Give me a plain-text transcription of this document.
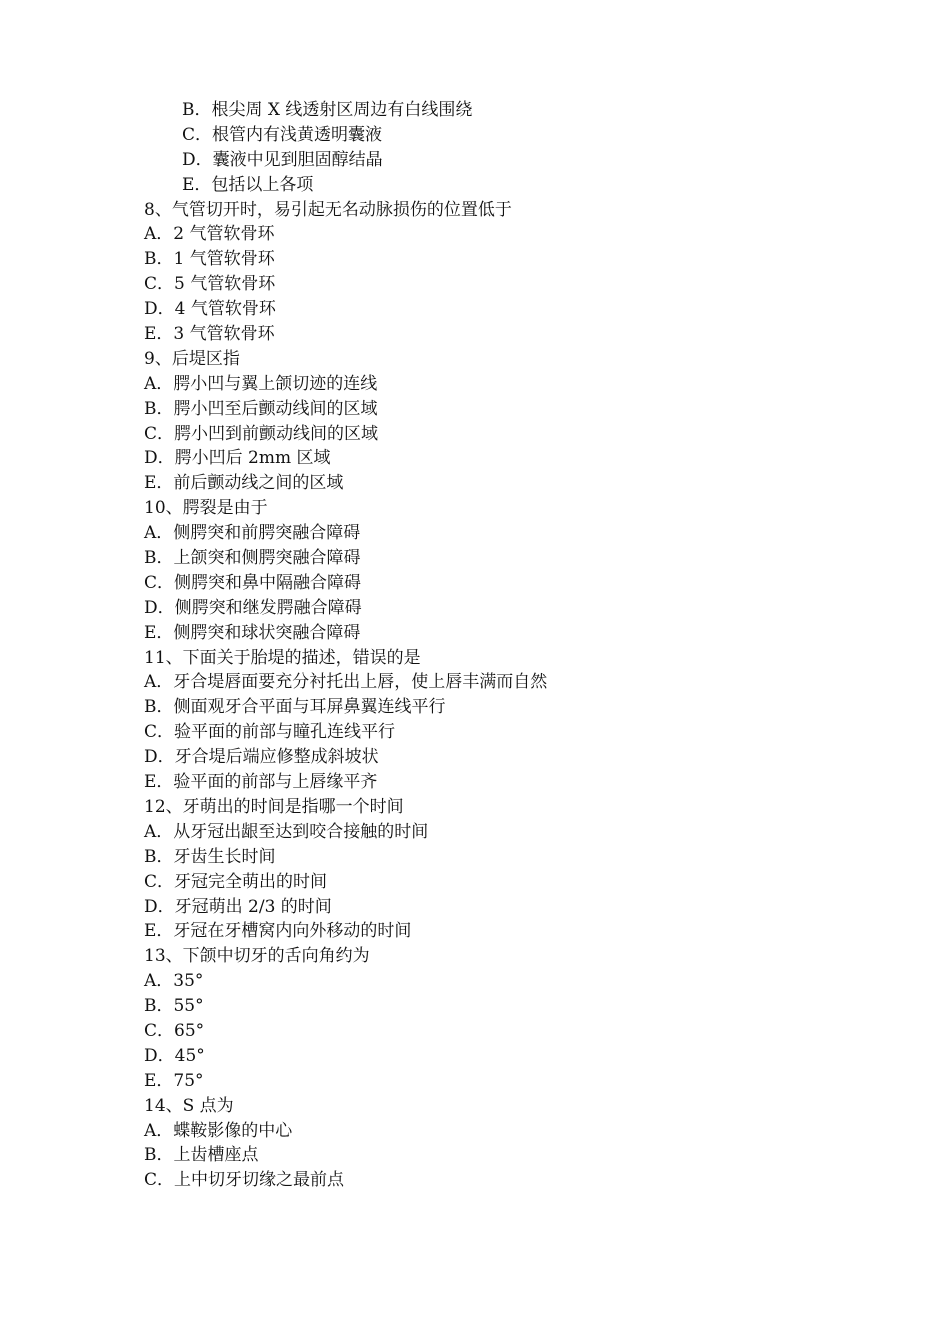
B．根尖周 X 线透射区周边有白线围绕
C．根管内有浅黄透明囊液
D．囊液中见到胆固醇结晶
E．包括以上各项
8、气管切开时，易引起无名动脉损伤的位置低于
A．2 气管软骨环
B．1 气管软骨环
C．5 气管软骨环
D．4 气管软骨环
E．3 气管软骨环
9、后堤区指
A．腭小凹与翼上颌切迹的连线
B．腭小凹至后颤动线间的区域
C．腭小凹到前颤动线间的区域
D．腭小凹后 2mm 区域
E．前后颤动线之间的区域
10、腭裂是由于
A．侧腭突和前腭突融合障碍
B．上颌突和侧腭突融合障碍
C．侧腭突和鼻中隔融合障碍
D．侧腭突和继发腭融合障碍
E．侧腭突和球状突融合障碍
11、下面关于胎堤的描述，错误的是
A．牙合堤唇面要充分衬托出上唇，使上唇丰满而自然
B．侧面观牙合平面与耳屏鼻翼连线平行
C．验平面的前部与瞳孔连线平行
D．牙合堤后端应修整成斜坡状
E．验平面的前部与上唇缘平齐
12、牙萌出的时间是指哪一个时间
A．从牙冠出龈至达到咬合接触的时间
B．牙齿生长时间
C．牙冠完全萌出的时间
D．牙冠萌出 2/3 的时间
E．牙冠在牙槽窝内向外移动的时间
13、下颌中切牙的舌向角约为
A．35°
B．55°
C．65°
D．45°
E．75°
14、S 点为
A．蝶鞍影像的中心
B．上齿槽座点
C．上中切牙切缘之最前点
